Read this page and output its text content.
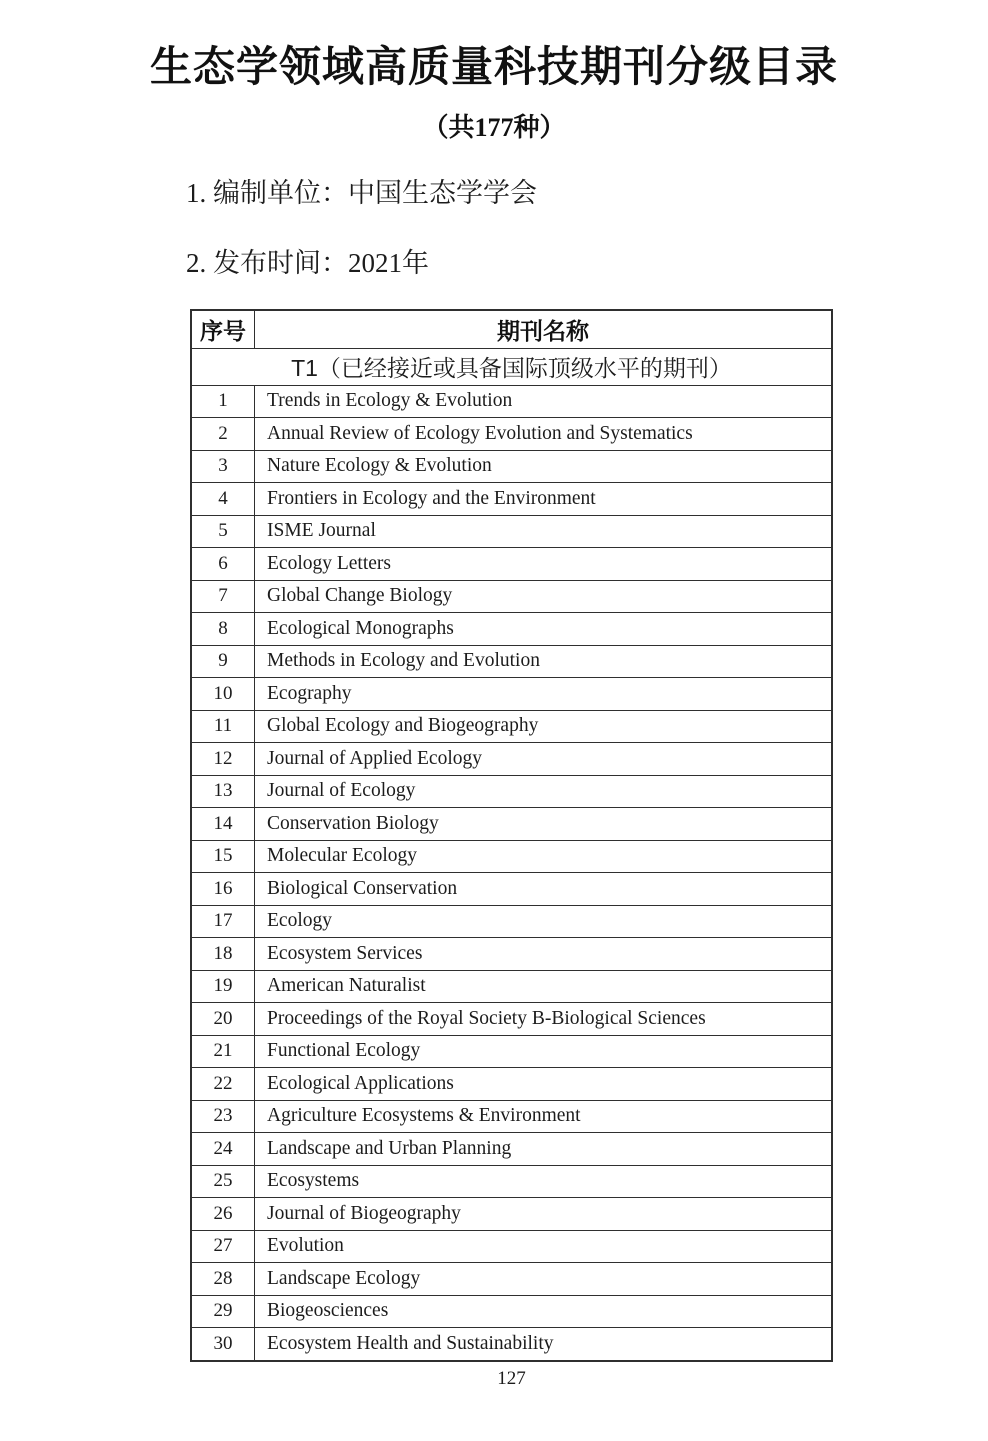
生态学领域高质量科技期刊分级目录
（共177种）
1. 编制单位：中国生态学学会
2. 发布时间：2021年
序号	期刊名称
T1（已经接近或具备国际顶级水平的期刊）	
1	Trends in Ecology & Evolution
2	Annual Review of Ecology Evolution and Systematics
3	Nature Ecology & Evolution
4	Frontiers in Ecology and the Environment
5	ISME Journal
6	Ecology Letters
7	Global Change Biology
8	Ecological Monographs
9	Methods in Ecology and Evolution
10	Ecography
11	Global Ecology and Biogeography
12	Journal of Applied Ecology
13	Journal of Ecology
14	Conservation Biology
15	Molecular Ecology
16	Biological Conservation
17	Ecology
18	Ecosystem Services
19	American Naturalist
20	Proceedings of the Royal Society B-Biological Sciences
21	Functional Ecology
22	Ecological Applications
23	Agriculture Ecosystems & Environment
24	Landscape and Urban Planning
25	Ecosystems
26	Journal of Biogeography
27	Evolution
28	Landscape Ecology
29	Biogeosciences
30	Ecosystem Health and Sustainability
127
